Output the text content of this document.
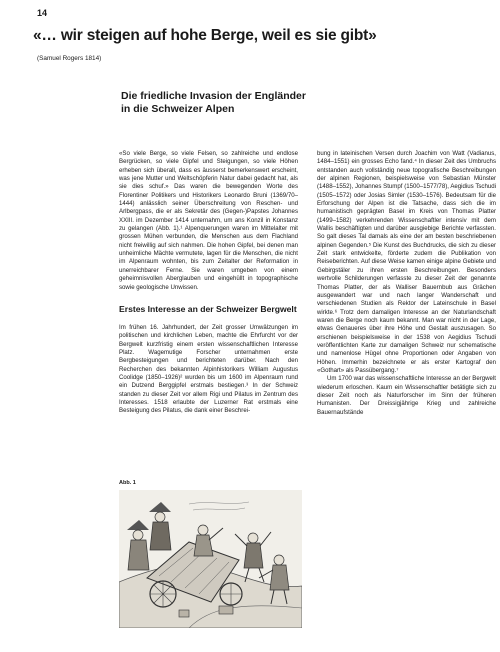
14
«… wir steigen auf hohe Berge, weil es sie gibt»
(Samuel Rogers 1814)
Die friedliche Invasion der Engländer in die Schweizer Alpen

«So viele Berge, so viele Felsen, so zahlreiche und endlose Bergrücken, so viele Gipfel und Steigungen, so viele Höhen erheben sich überall, dass es äusserst bemerkenswert erscheint, was jene Mutter und Weltschöpferin Natur dabei gedacht hat, als sie dies schuf.» Das waren die bewegenden Worte des Florentiner Politikers und Historikers Leonardo Bruni (1369/70–1444) anlässlich seiner Überschreitung von Reschen- und Arlbergpass, die er als Sekretär des (Gegen-)Papstes Johannes XXIII. im Dezember 1414 unternahm, um ans Konzil in Konstanz zu gelangen (Abb. 1).¹ Alpenquerungen waren im Mittelalter mit grossen Mühen verbunden, die Menschen aus dem Flachland nicht freiwillig auf sich nahmen. Die hohen Gipfel, bei denen man unheimliche Mächte vermutete, lagen für die Menschen, die nicht im Alpenraum wohnten, bis zum Zeitalter der Reformation in unerreichbarer Ferne. Sie waren umgeben von einem geheimnisvollen Aberglauben und eingehüllt in topographische sowie geologische Unwissen.

Erstes Interesse an der Schweizer Bergwelt

Im frühen 16. Jahrhundert, der Zeit grosser Umwälzungen im politischen und kirchlichen Leben, machte die Ehrfurcht vor der Bergwelt kurzfristig einem ersten wissenschaftlichen Interesse Platz. Wagemutige Forscher unternahmen erste Bergbesteigungen und berichteten darüber. Nach den Recherchen des bekannten Alpinhistorikers William Augustus Coolidge (1850–1926)² wurden bis um 1600 im Alpenraum rund ein Dutzend Berggipfel erstmals bestiegen.³ In der Schweiz standen zu dieser Zeit vor allem Rigi und Pilatus im Zentrum des Interesses. 1518 erlaubte der Luzerner Rat erstmals eine Besteigung des Pilatus, die dank einer Beschrei-

bung in lateinischen Versen durch Joachim von Watt (Vadianus, 1484–1551) ein grosses Echo fand.⁴ In dieser Zeit des Umbruchs entstanden auch vollständig neue topografische Beschreibungen der alpinen Regionen, beispielsweise von Sebastian Münster (1488–1552), Johannes Stumpf (1500–1577/78), Aegidius Tschudi (1505–1572) oder Josias Simler (1530–1576). Bedeutsam für die Erforschung der Alpen ist die Tatsache, dass sich die im humanistisch geprägten Basel im Kreis von Thomas Platter (1499–1582) verkehrenden Wissenschaftler intensiv mit dem Wallis beschäftigten und darüber ausgiebige Berichte verfassten. So galt dieses Tal damals als eine der am besten beschriebenen alpinen Gegenden.⁵ Die Kunst des Buchdrucks, die sich zu dieser Zeit stark entwickelte, förderte zudem die Publikation von Reiseberichten. Auf diese Weise kamen einige alpine Gebiete und Gebirgstäler zu ihren ersten Beschreibungen. Besonders wertvolle Schilderungen verfasste zu dieser Zeit der genannte Thomas Platter, der als Walliser Bauernbub aus Grächen ausgewandert war und nach langer Wanderschaft und verschiedenen Studien als Rektor der Lateinschule in Basel wirkte.⁶ Trotz dem damaligen Interesse an der Naturlandschaft waren die Berge noch kaum bekannt. Man war nicht in der Lage, etwas Genaueres über ihre Höhe und Gestalt auszusagen. So erschienen beispielsweise in der 1538 von Aegidius Tschudi veröffentlichten Karte zur damaligen Schweiz nur schematische und namenlose Hügel ohne Proportionen oder Angaben von Höhen. Immerhin bezeichnete er als erster Kartograf den «Gothart» als Passübergang.⁷

Um 1700 war das wissenschaftliche Interesse an der Bergwelt wiederum erloschen. Kaum ein Wissenschaftler betätigte sich zu dieser Zeit noch als Naturforscher im Sinn der früheren Humanisten. Der Dreissigjährige Krieg und zahlreiche Bauernaufstände

Abb. 1
